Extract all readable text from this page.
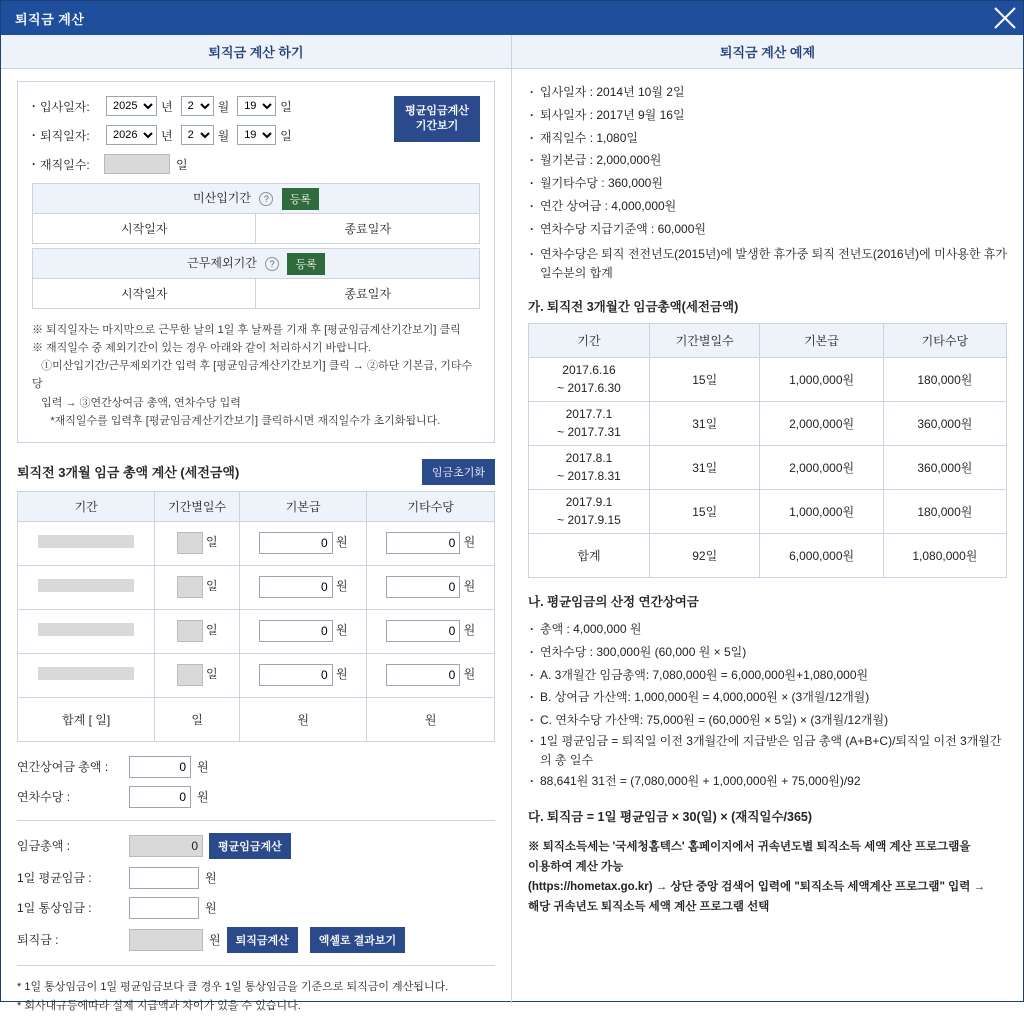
퇴직금 계산
퇴직금 계산 하기
평균임금계산
기간보기
· 입사일자:
2025	년
2	월
19	일
· 퇴직일자:
2026	년
2	월
19	일
· 재직일수:	일
미산입기간 ? 등록
시작일자	종료일자
근무제외기간 ? 등록
시작일자	종료일자
※ 퇴직일자는 마지막으로 근무한 날의 1일 후 날짜를 기재 후 [평균임금계산기간보기] 클릭
※ 재직일수 중 제외기간이 있는 경우 아래와 같이 처리하시기 바랍니다.
①미산입기간/근무제외기간 입력 후 [평균임금계산기간보기] 클릭 → ②하단 기본급, 기타수당
입력 → ③연간상여금 총액, 연차수당 입력
*재직일수를 입력후 [평균임금계산기간보기] 클릭하시면 재직일수가 초기화됩니다.
퇴직전 3개월 임금 총액 계산 (세전금액)	임금초기화
기간	기간별일수	기본급	기타수당
	일	0원	0원
	일	0원	0원
	일	0원	0원
	일	0원	0원
합계 [ 일]	일	원	원
연간상여금 총액 :
0	원
연차수당 :
0	원
임금총액 :	0	평균임금계산
1일 평균임금 :	원
1일 통상임금 :	원
퇴직금 :	원	퇴직금계산	엑셀로 결과보기
* 1일 통상임금이 1일 평균임금보다 클 경우 1일 통상임금을 기준으로 퇴직금이 계산됩니다.
* 회사내규등에따라 실제 지급액과 차이가 있을 수 있습니다.
퇴직금 계산 예제
· 입사일자 : 2014년 10월 2일
· 퇴사일자 : 2017년 9월 16일
· 재직일수 : 1,080일
· 월기본급 : 2,000,000원
· 월기타수당 : 360,000원
· 연간 상여금 : 4,000,000원
· 연차수당 지급기준액 : 60,000원
· 연차수당은 퇴직 전전년도(2015년)에 발생한 휴가중 퇴직 전년도(2016년)에 미사용한 휴가 일수분의 합계
가. 퇴직전 3개월간 임금총액(세전금액)
기간	기간별일수	기본급	기타수당
2017.6.16
~ 2017.6.30	15일	1,000,000원	180,000원
2017.7.1
~ 2017.7.31	31일	2,000,000원	360,000원
2017.8.1
~ 2017.8.31	31일	2,000,000원	360,000원
2017.9.1
~ 2017.9.15	15일	1,000,000원	180,000원
합계	92일	6,000,000원	1,080,000원
나. 평균임금의 산정 연간상여금
· 총액 : 4,000,000 원
· 연차수당 : 300,000원 (60,000 원 × 5일)
· A. 3개월간 임금총액: 7,080,000원 = 6,000,000원+1,080,000원
· B. 상여금 가산액: 1,000,000원 = 4,000,000원 × (3개월/12개월)
· C. 연차수당 가산액: 75,000원 = (60,000원 × 5일) × (3개월/12개월)
· 1일 평균임금 = 퇴직일 이전 3개월간에 지급받은 임금 총액 (A+B+C)/퇴직일 이전 3개월간의 총 일수
· 88,641원 31전 = (7,080,000원 + 1,000,000원 + 75,000원)/92
다. 퇴직금 = 1일 평균임금 × 30(일) × (재직일수/365)
※ 퇴직소득세는 '국세청홈텍스' 홈페이지에서 귀속년도별 퇴직소득 세액 계산 프로그램을
이용하여 계산 가능
(https://hometax.go.kr) → 상단 중앙 검색어 입력에 "퇴직소득 세액계산 프로그램" 입력 →
해당 귀속년도 퇴직소득 세액 계산 프로그램 선택
